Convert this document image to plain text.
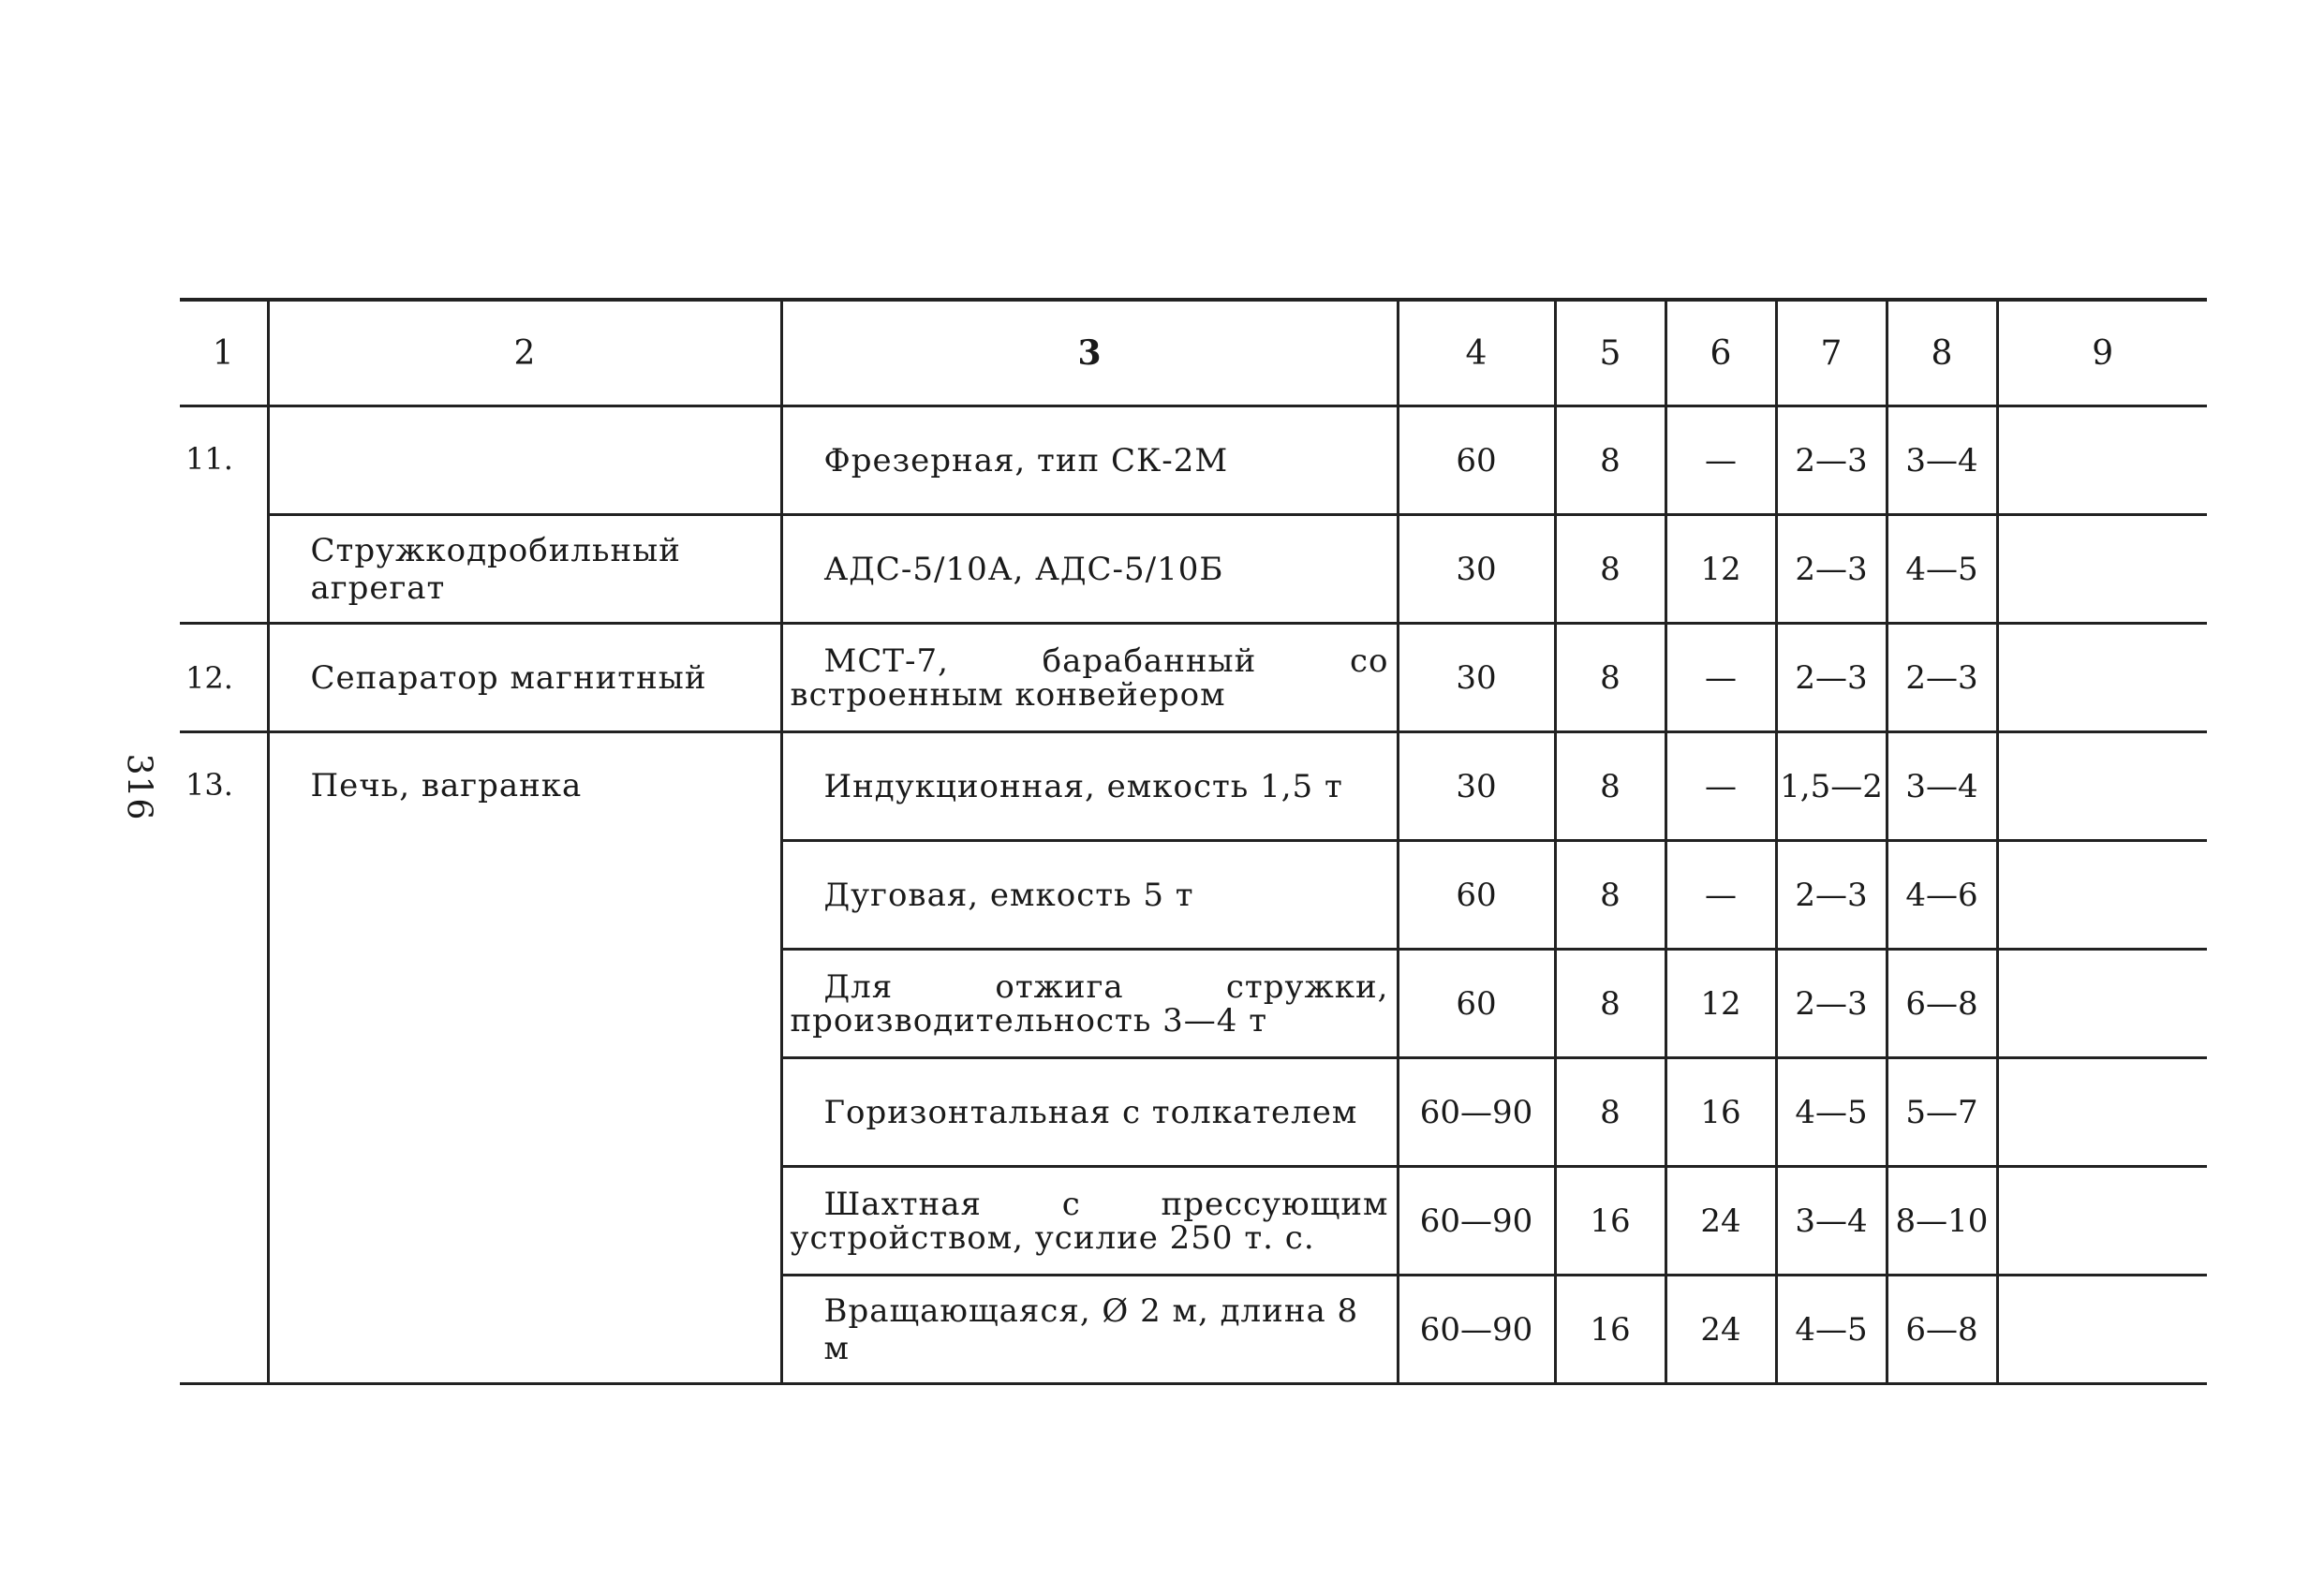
316
1	2	3	4	5	6	7	8	9
11.		Фрезерная, тип СК-2М	60	8	—	2—3	3—4	
	Стружкодробильный агрегат	АДС-5/10А, АДС-5/10Б	30	8	12	2—3	4—5	
12.	Сепаратор магнитный	МСТ-7, барабанный со встроенным конвейером	30	8	—	2—3	2—3	
13.	Печь, вагранка	Индукционная, емкость 1,5 т	30	8	—	1,5—2	3—4	
		Дуговая, емкость 5 т	60	8	—	2—3	4—6	
		Для отжига стружки, производительность 3—4 т	60	8	12	2—3	6—8	
		Горизонтальная с толкателем	60—90	8	16	4—5	5—7	
		Шахтная с прессующим устройством, усилие 250 т. с.	60—90	16	24	3—4	8—10	
		Вращающаяся, Ø 2 м, длина 8 м	60—90	16	24	4—5	6—8	
